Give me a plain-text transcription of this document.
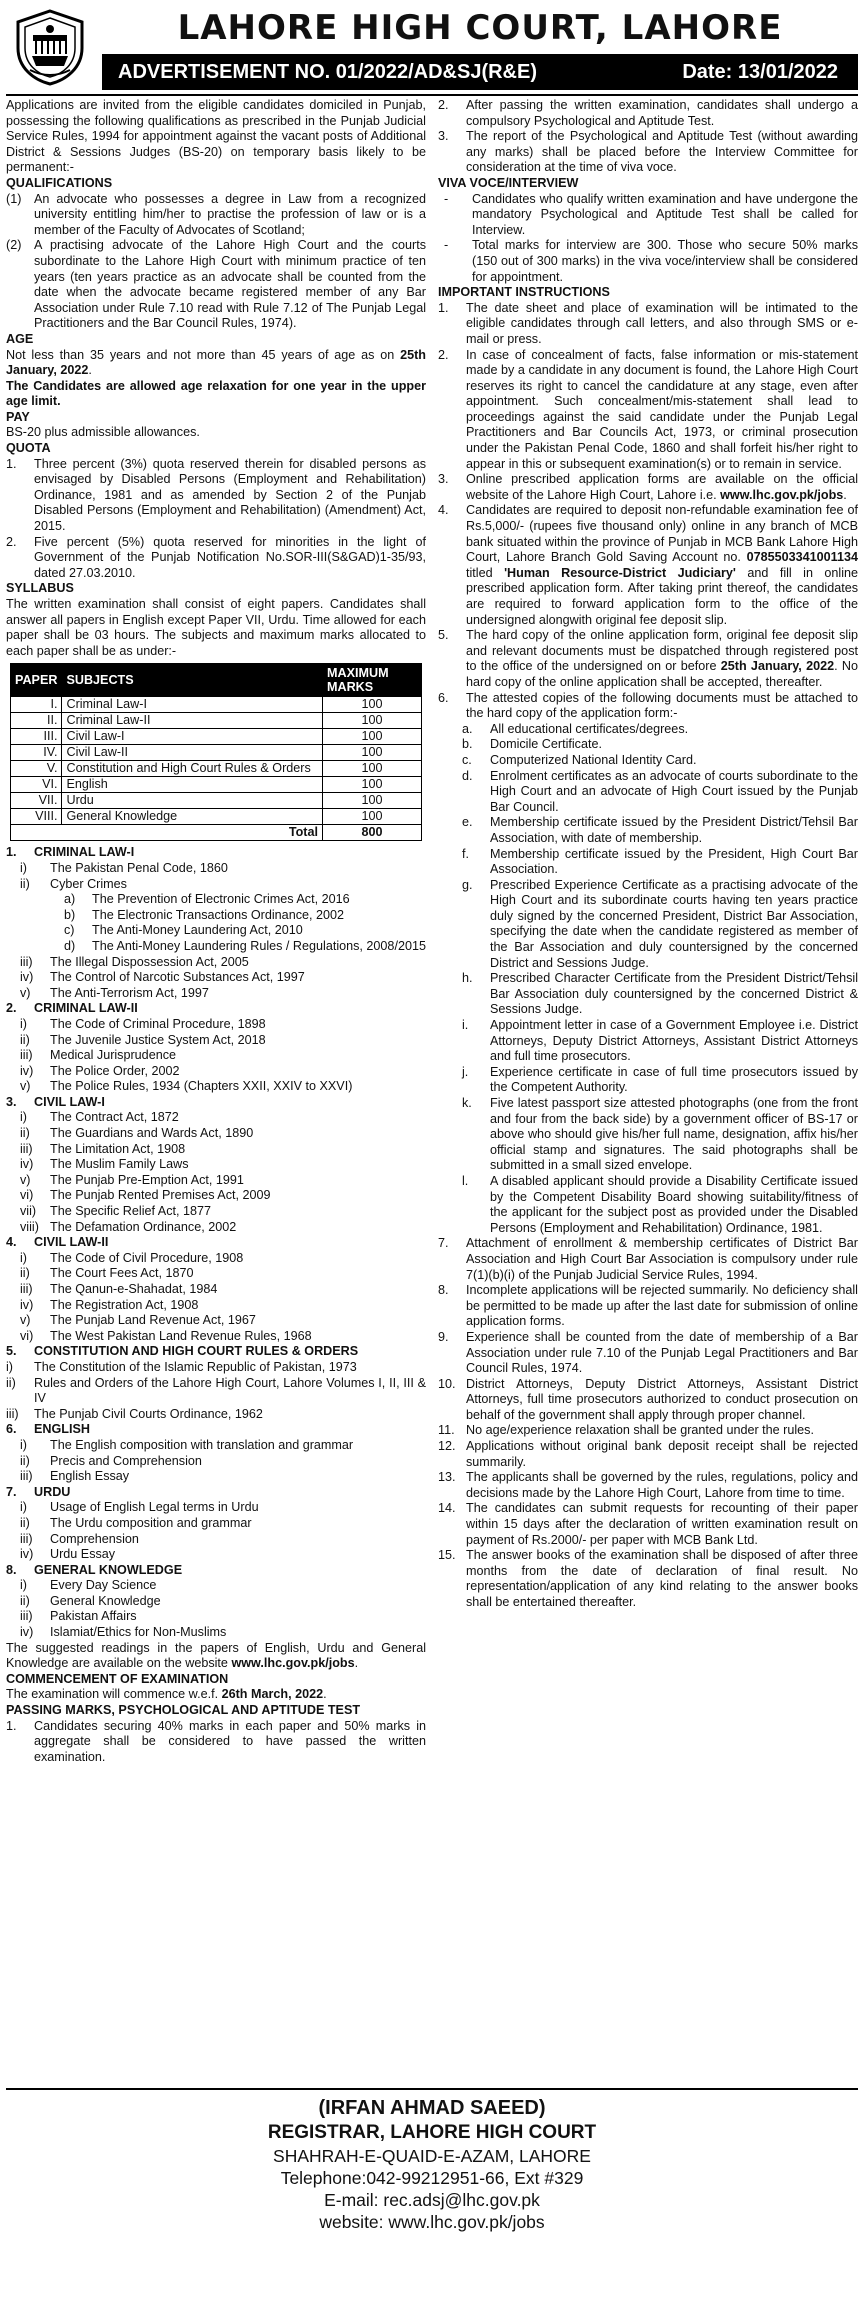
LAHORE HIGH COURT, LAHORE
ADVERTISEMENT NO. 01/2022/AD&SJ(R&E)	Date: 13/01/2022

Applications are invited from the eligible candidates domiciled in Punjab, possessing the following qualifications as prescribed in the Punjab Judicial Service Rules, 1994 for appointment against the vacant posts of Additional District & Sessions Judges (BS-20) on temporary basis likely to be permanent:-

QUALIFICATIONS

(1) An advocate who possesses a degree in Law from a recognized university entitling him/her to practise the profession of law or is a member of the Faculty of Advocates of Scotland;
(2) A practising advocate of the Lahore High Court and the courts subordinate to the Lahore High Court with minimum practice of ten years (ten years practice as an advocate shall be counted from the date when the advocate became registered member of any Bar Association under Rule 7.10 read with Rule 7.12 of The Punjab Legal Practitioners and the Bar Council Rules, 1974).

AGE

Not less than 35 years and not more than 45 years of age as on 25th January, 2022.

The Candidates are allowed age relaxation for one year in the upper age limit.

PAY

BS-20 plus admissible allowances.

QUOTA

1.	Three percent (3%) quota reserved therein for disabled persons as envisaged by Disabled Persons (Employment and Rehabilitation) Ordinance, 1981 and as amended by Section 2 of the Punjab Disabled Persons (Employment and Rehabilitation) (Amendment) Act, 2015.
2.	Five percent (5%) quota reserved for minorities in the light of Government of the Punjab Notification No.SOR-III(S&GAD)1-35/93, dated 27.03.2010.

SYLLABUS

The written examination shall consist of eight papers. Candidates shall answer all papers in English except Paper VII, Urdu. Time allowed for each paper shall be 03 hours. The subjects and maximum marks allocated to each paper shall be as under:-

PAPER	SUBJECTS	MAXIMUM MARKS
I.	Criminal Law-I	100
II.	Criminal Law-II	100
III.	Civil Law-I	100
IV.	Civil Law-II	100
V.	Constitution and High Court Rules & Orders	100
VI.	English	100
VII.	Urdu	100
VIII.	General Knowledge	100
Total		800
1.	CRIMINAL LAW-I
i)	The Pakistan Penal Code, 1860
ii)	Cyber Crimes
a)	The Prevention of Electronic Crimes Act, 2016
b)	The Electronic Transactions Ordinance, 2002
c)	The Anti-Money Laundering Act, 2010
d)	The Anti-Money Laundering Rules / Regulations, 2008/2015
iii)	The Illegal Dispossession Act, 2005
iv)	The Control of Narcotic Substances Act, 1997
v)	The Anti-Terrorism Act, 1997
2.	CRIMINAL LAW-II
i)	The Code of Criminal Procedure, 1898
ii)	The Juvenile Justice System Act, 2018
iii)	Medical Jurisprudence
iv)	The Police Order, 2002
v)	The Police Rules, 1934 (Chapters XXII, XXIV to XXVI)
3.	CIVIL LAW-I
i)	The Contract Act, 1872
ii)	The Guardians and Wards Act, 1890
iii)	The Limitation Act, 1908
iv)	The Muslim Family Laws
v)	The Punjab Pre-Emption Act, 1991
vi)	The Punjab Rented Premises Act, 2009
vii)	The Specific Relief Act, 1877
viii) The Defamation Ordinance, 2002
4.	CIVIL LAW-II
i)	The Code of Civil Procedure, 1908
ii)	The Court Fees Act, 1870
iii)	The Qanun-e-Shahadat, 1984
iv)	The Registration Act, 1908
v)	The Punjab Land Revenue Act, 1967
vi)	The West Pakistan Land Revenue Rules, 1968
5.	CONSTITUTION AND HIGH COURT RULES & ORDERS
i)	The Constitution of the Islamic Republic of Pakistan, 1973
ii)	Rules and Orders of the Lahore High Court, Lahore Volumes I, II, III & IV
iii)	The Punjab Civil Courts Ordinance, 1962
6.	ENGLISH
i)	The English composition with translation and grammar
ii)	Precis and Comprehension
iii)	English Essay
7.	URDU
i)	Usage of English Legal terms in Urdu
ii)	The Urdu composition and grammar
iii)	Comprehension
iv)	Urdu Essay
8.	GENERAL KNOWLEDGE
i)	Every Day Science
ii)	General Knowledge
iii)	Pakistan Affairs
iv)	Islamiat/Ethics for Non-Muslims

The suggested readings in the papers of English, Urdu and General Knowledge are available on the website www.lhc.gov.pk/jobs.

COMMENCEMENT OF EXAMINATION

The examination will commence w.e.f. 26th March, 2022.

PASSING MARKS, PSYCHOLOGICAL AND APTITUDE TEST

1.	Candidates securing 40% marks in each paper and 50% marks in aggregate shall be considered to have passed the written examination.
2.	After passing the written examination, candidates shall undergo a compulsory Psychological and Aptitude Test.
3.	The report of the Psychological and Aptitude Test (without awarding any marks) shall be placed before the Interview Committee for consideration at the time of viva voce.

VIVA VOCE/INTERVIEW

-	Candidates who qualify written examination and have undergone the mandatory Psychological and Aptitude Test shall be called for Interview.
-	Total marks for interview are 300. Those who secure 50% marks (150 out of 300 marks) in the viva voce/interview shall be considered for appointment.

IMPORTANT INSTRUCTIONS

1.	The date sheet and place of examination will be intimated to the eligible candidates through call letters, and also through SMS or e-mail or press.
2.	In case of concealment of facts, false information or mis-statement made by a candidate in any document is found, the Lahore High Court reserves its right to cancel the candidature at any stage, even after appointment. Such concealment/mis-statement shall lead to proceedings against the said candidate under the Punjab Legal Practitioners and Bar Councils Act, 1973, or criminal prosecution under the Pakistan Penal Code, 1860 and shall forfeit his/her right to appear in this or subsequent examination(s) or to remain in service.
3.	Online prescribed application forms are available on the official website of the Lahore High Court, Lahore i.e. www.lhc.gov.pk/jobs.
4.	Candidates are required to deposit non-refundable examination fee of Rs.5,000/- (rupees five thousand only) online in any branch of MCB bank situated within the province of Punjab in MCB Bank Lahore High Court, Lahore Branch Gold Saving Account no. 0785503341001134 titled 'Human Resource-District Judiciary' and fill in online prescribed application form. After taking print thereof, the candidates are required to forward application form to the office of the undersigned alongwith original fee deposit slip.
5.	The hard copy of the online application form, original fee deposit slip and relevant documents must be dispatched through registered post to the office of the undersigned on or before 25th January, 2022. No hard copy of the online application shall be accepted, thereafter.
6.	The attested copies of the following documents must be attached to the hard copy of the application form:-
a.	All educational certificates/degrees.
b.	Domicile Certificate.
c.	Computerized National Identity Card.
d.	Enrolment certificates as an advocate of courts subordinate to the High Court and an advocate of High Court issued by the Punjab Bar Council.
e.	Membership certificate issued by the President District/Tehsil Bar Association, with date of membership.
f.	Membership certificate issued by the President, High Court Bar Association.
g.	Prescribed Experience Certificate as a practising advocate of the High Court and its subordinate courts having ten years practice duly signed by the concerned President, District Bar Association, specifying the date when the candidate registered as member of the Bar Association and duly countersigned by the concerned District and Sessions Judge.
h.	Prescribed Character Certificate from the President District/Tehsil Bar Association duly countersigned by the concerned District & Sessions Judge.
i.	Appointment letter in case of a Government Employee i.e. District Attorneys, Deputy District Attorneys, Assistant District Attorneys and full time prosecutors.
j.	Experience certificate in case of full time prosecutors issued by the Competent Authority.
k.	Five latest passport size attested photographs (one from the front and four from the back side) by a government officer of BS-17 or above who should give his/her full name, designation, affix his/her official stamp and signatures. The said photographs shall be submitted in a small sized envelope.
l.	A disabled applicant should provide a Disability Certificate issued by the Competent Disability Board showing suitability/fitness of the applicant for the subject post as provided under the Disabled Persons (Employment and Rehabilitation) Ordinance, 1981.
7.	Attachment of enrollment & membership certificates of District Bar Association and High Court Bar Association is compulsory under rule 7(1)(b)(i) of the Punjab Judicial Service Rules, 1994.
8.	Incomplete applications will be rejected summarily. No deficiency shall be permitted to be made up after the last date for submission of online application forms.
9.	Experience shall be counted from the date of membership of a Bar Association under rule 7.10 of the Punjab Legal Practitioners and Bar Council Rules, 1974.
10. District Attorneys, Deputy District Attorneys, Assistant District Attorneys, full time prosecutors authorized to conduct prosecution on behalf of the government shall apply through proper channel.
11. No age/experience relaxation shall be granted under the rules.
12. Applications without original bank deposit receipt shall be rejected summarily.
13. The applicants shall be governed by the rules, regulations, policy and decisions made by the Lahore High Court, Lahore from time to time.
14. The candidates can submit requests for recounting of their paper within 15 days after the declaration of written examination result on payment of Rs.2000/- per paper with MCB Bank Ltd.
15. The answer books of the examination shall be disposed of after three months from the date of declaration of final result. No representation/application of any kind relating to the answer books shall be entertained thereafter.
(IRFAN AHMAD SAEED)
REGISTRAR, LAHORE HIGH COURT
SHAHRAH-E-QUAID-E-AZAM, LAHORE
Telephone:042-99212951-66, Ext #329
E-mail: rec.adsj@lhc.gov.pk
website: www.lhc.gov.pk/jobs
